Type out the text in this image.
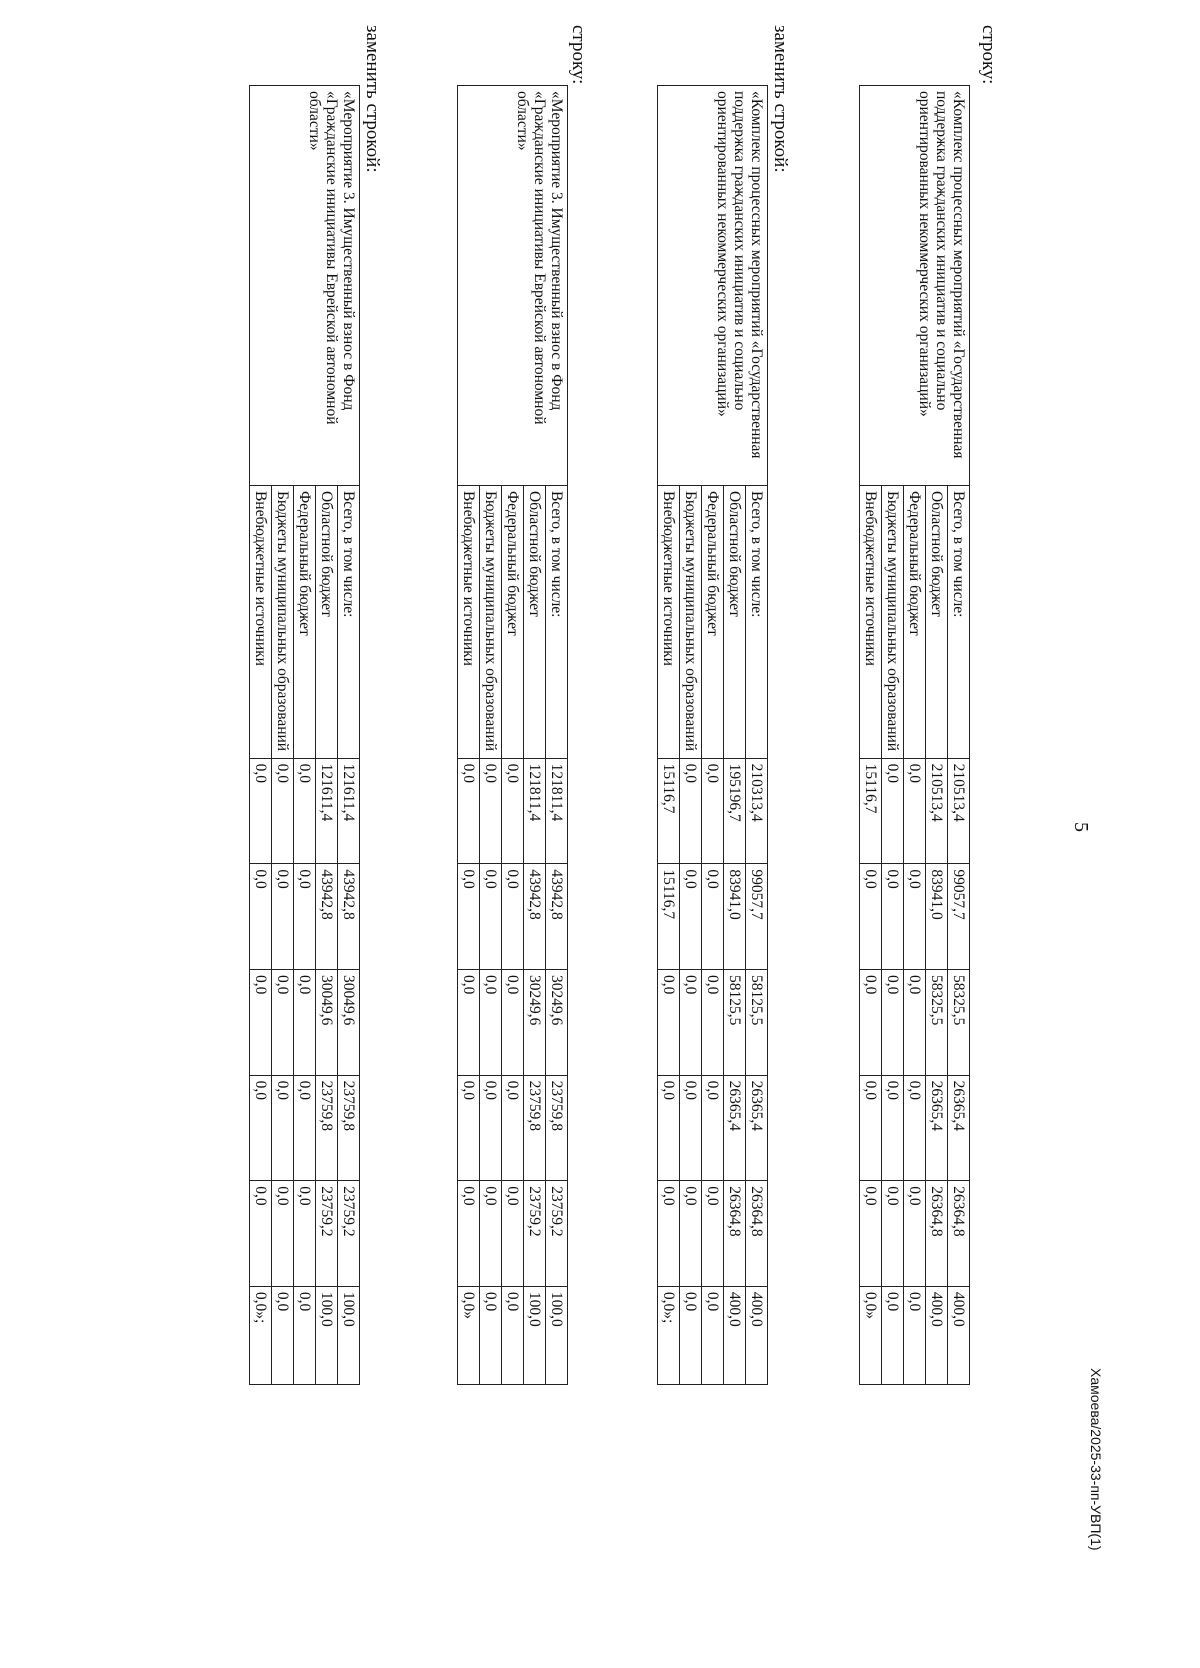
5
Хамоева/2025-33-пп-УВП(1)
строку:
«Комплекс процессных мероприятий «Государственная поддержка гражданских инициатив и социально ориентированных некоммерческих организаций»	Всего, в том числе:	210513,4	99057,7	58325,5	26365,4	26364,8	400,0
	Областной бюджет	210513,4	83941,0	58325,5	26365,4	26364,8	400,0
	Федеральный бюджет	0,0	0,0	0,0	0,0	0,0	0,0
	Бюджеты муниципальных образований	0,0	0,0	0,0	0,0	0,0	0,0
	Внебюджетные источники	15116,7	0,0	0,0	0,0	0,0	0,0»
заменить строкой:
«Комплекс процессных мероприятий «Государственная поддержка гражданских инициатив и социально ориентированных некоммерческих организаций»	Всего, в том числе:	210313,4	99057,7	58125,5	26365,4	26364,8	400,0
	Областной бюджет	195196,7	83941,0	58125,5	26365,4	26364,8	400,0
	Федеральный бюджет	0,0	0,0	0,0	0,0	0,0	0,0
	Бюджеты муниципальных образований	0,0	0,0	0,0	0,0	0,0	0,0
	Внебюджетные источники	15116,7	15116,7	0,0	0,0	0,0	0,0»;
строку:
«Мероприятие 3. Имущественный взнос в Фонд «Гражданские инициативы Еврейской автономной области»	Всего, в том числе:	121811,4	43942,8	30249,6	23759,8	23759,2	100,0
	Областной бюджет	121811,4	43942,8	30249,6	23759,8	23759,2	100,0
	Федеральный бюджет	0,0	0,0	0,0	0,0	0,0	0,0
	Бюджеты муниципальных образований	0,0	0,0	0,0	0,0	0,0	0,0
	Внебюджетные источники	0,0	0,0	0,0	0,0	0,0	0,0»
заменить строкой:
«Мероприятие 3. Имущественный взнос в Фонд «Гражданские инициативы Еврейской автономной области»	Всего, в том числе:	121611,4	43942,8	30049,6	23759,8	23759,2	100,0
	Областной бюджет	121611,4	43942,8	30049,6	23759,8	23759,2	100,0
	Федеральный бюджет	0,0	0,0	0,0	0,0	0,0	0,0
	Бюджеты муниципальных образований	0,0	0,0	0,0	0,0	0,0	0,0
	Внебюджетные источники	0,0	0,0	0,0	0,0	0,0	0,0»;
